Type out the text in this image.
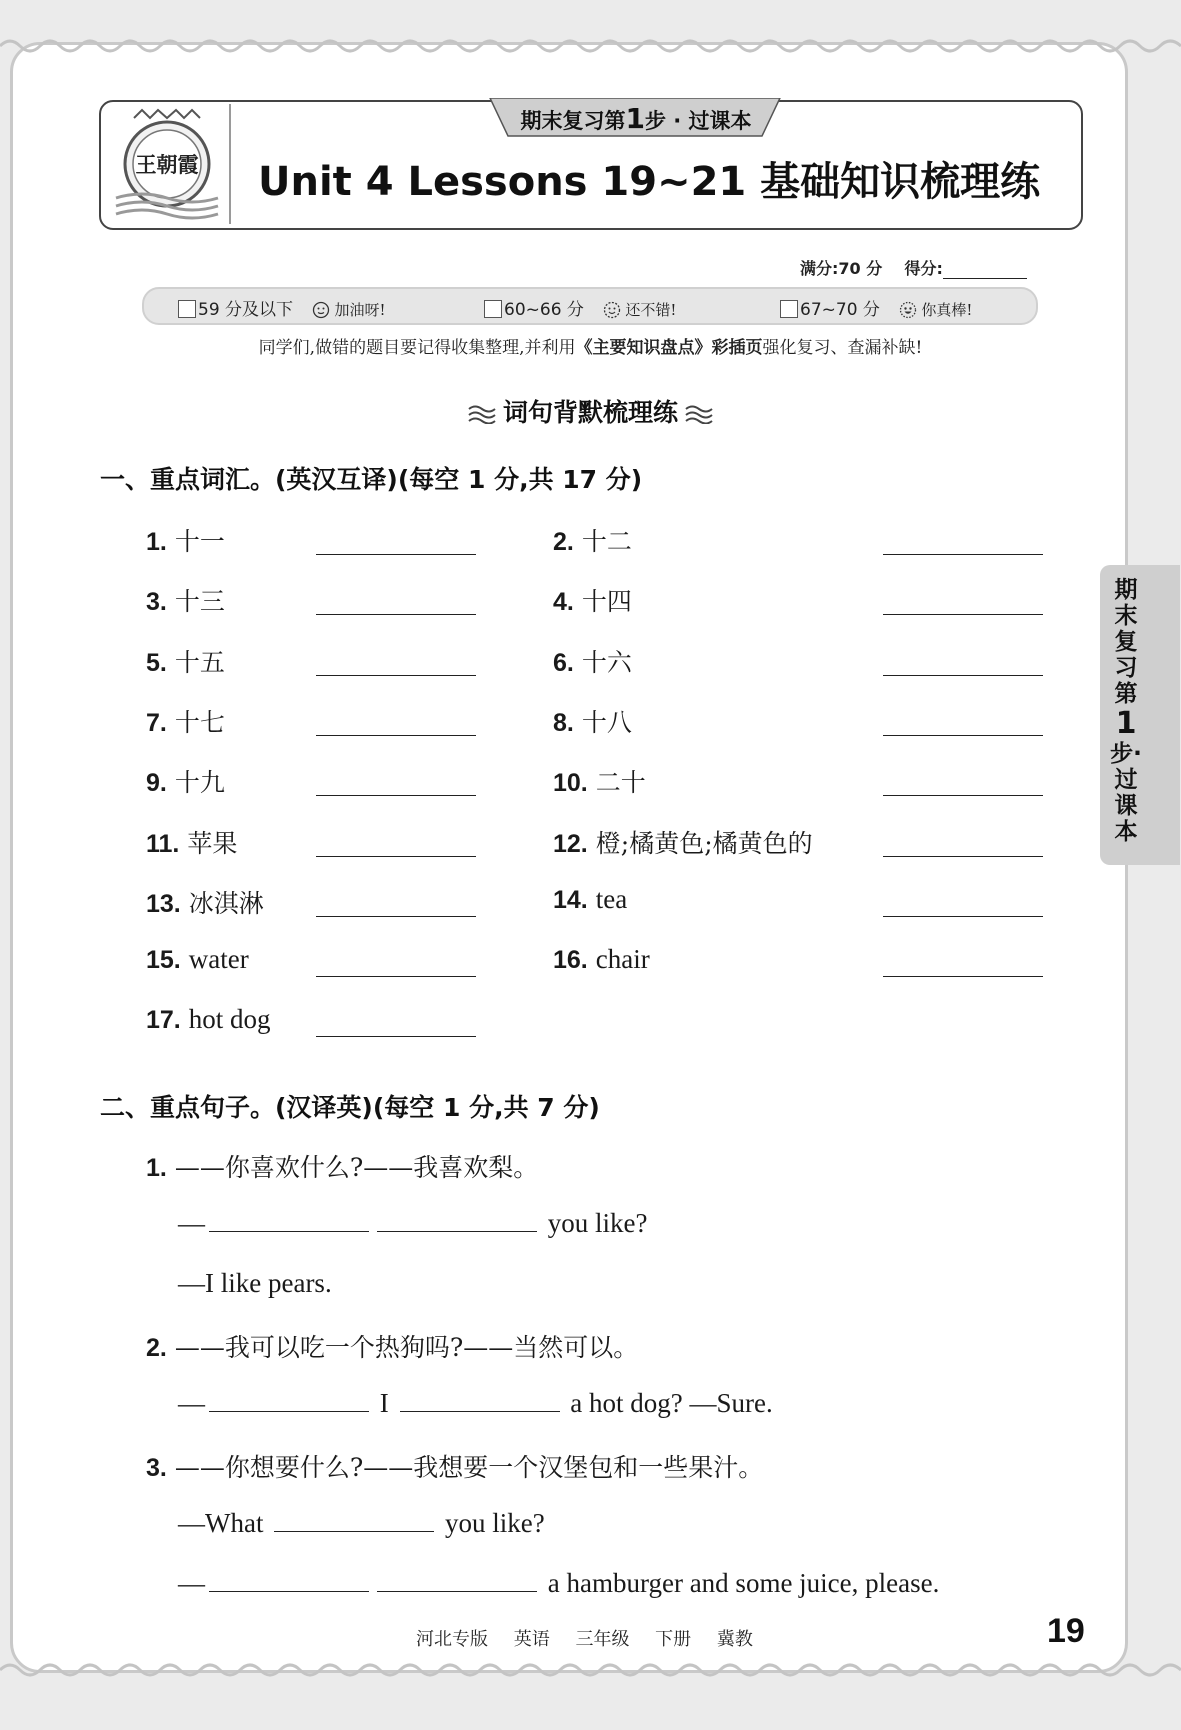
王朝霞
期末复习第1步 · 过课本
Unit 4 Lessons 19~21 基础知识梳理练
满分:70 分 得分:
59 分及以下	加油呀!	60~66 分	还不错!	67~70 分	你真棒!
同学们,做错的题目要记得收集整理,并利用《主要知识盘点》彩插页强化复习、查漏补缺!
词句背默梳理练
一、重点词汇。(英汉互译)(每空 1 分,共 17 分)
1. 十一	2. 十二
3. 十三	4. 十四
5. 十五	6. 十六
7. 十七	8. 十八
9. 十九	10. 二十
11. 苹果	12. 橙;橘黄色;橘黄色的
13. 冰淇淋	14. tea
15. water	16. chair
17. hot dog
二、重点句子。(汉译英)(每空 1 分,共 7 分)
1. ——你喜欢什么?——我喜欢梨。
—	you like?
—I like pears.
2. ——我可以吃一个热狗吗?——当然可以。
—	I	a hot dog? —Sure.
3. ——你想要什么?——我想要一个汉堡包和一些果汁。
—What	you like?
—	a hamburger and some juice, please.
期末复习第
1
步·过课本
河北专版 英语 三年级 下册 冀教	19
